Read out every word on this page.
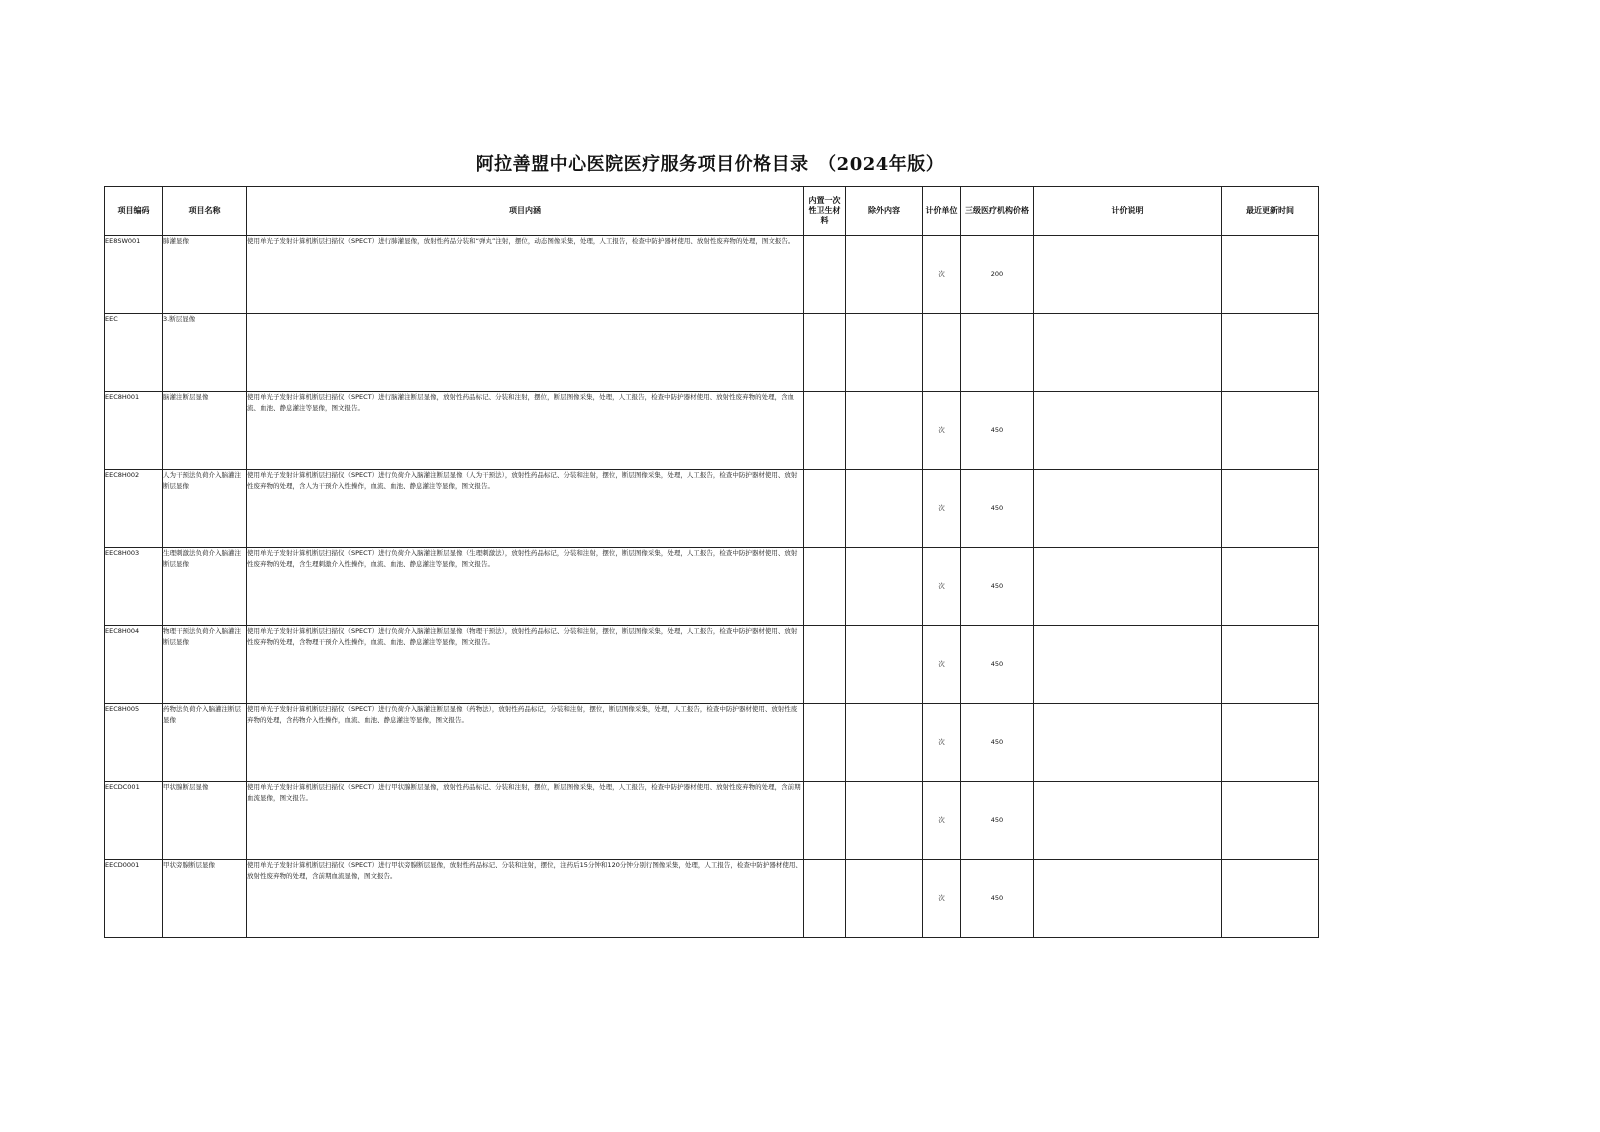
阿拉善盟中心医院医疗服务项目价格目录　（2024年版）
项目编码	项目名称	项目内涵	内置一次性卫生材料	除外内容	计价单位	三级医疗机构价格	计价说明	最近更新时间
EE8SW001	肺灌显像	使用单光子发射计算机断层扫描仪（SPECT）进行肺灌显像，放射性药品分装和“弹丸”注射，摆位，动态图像采集，处理，人工报告，检查中防护器材使用、放射性废弃物的处理，图文报告。			次	200		
EEC	3.断层显像							
EEC8H001	脑灌注断层显像	使用单光子发射计算机断层扫描仪（SPECT）进行脑灌注断层显像，放射性药品标记、分装和注射，摆位，断层图像采集，处理，人工报告，检查中防护器材使用、放射性废弃物的处理，含血流、血池、静息灌注等显像，图文报告。			次	450		
EEC8H002	人为干预法负荷介入脑灌注断层显像	使用单光子发射计算机断层扫描仪（SPECT）进行负荷介入脑灌注断层显像（人为干预法），放射性药品标记、分装和注射，摆位，断层图像采集，处理，人工报告，检查中防护器材使用、放射性废弃物的处理，含人为干预介入性操作，血流、血池、静息灌注等显像，图文报告。			次	450		
EEC8H003	生理刺激法负荷介入脑灌注断层显像	使用单光子发射计算机断层扫描仪（SPECT）进行负荷介入脑灌注断层显像（生理刺激法），放射性药品标记，分装和注射，摆位，断层图像采集，处理，人工报告，检查中防护器材使用、放射性废弃物的处理，含生理刺激介入性操作，血流、血池、静息灌注等显像，图文报告。			次	450		
EEC8H004	物理干预法负荷介入脑灌注断层显像	使用单光子发射计算机断层扫描仪（SPECT）进行负荷介入脑灌注断层显像（物理干预法），放射性药品标记、分装和注射，摆位，断层图像采集，处理，人工报告，检查中防护器材使用、放射性废弃物的处理，含物理干预介入性操作，血流、血池、静息灌注等显像，图文报告。			次	450		
EEC8H005	药物法负荷介入脑灌注断层显像	使用单光子发射计算机断层扫描仪（SPECT）进行负荷介入脑灌注断层显像（药物法），放射性药品标记，分装和注射，摆位，断层图像采集，处理，人工报告，检查中防护器材使用、放射性废弃物的处理，含药物介入性操作，血流、血池、静息灌注等显像，图文报告。			次	450		
EECDC001	甲状腺断层显像	使用单光子发射计算机断层扫描仪（SPECT）进行甲状腺断层显像，放射性药品标记、分装和注射，摆位，断层图像采集，处理，人工报告，检查中防护器材使用、放射性废弃物的处理，含前期血流显像，图文报告。			次	450		
EECD0001	甲状旁腺断层显像	使用单光子发射计算机断层扫描仪（SPECT）进行甲状旁腺断层显像，放射性药品标记、分装和注射，摆位，注药后15分钟和120分钟分别行图像采集，处理，人工报告，检查中防护器材使用、放射性废弃物的处理，含前期血流显像，图文报告。			次	450		
